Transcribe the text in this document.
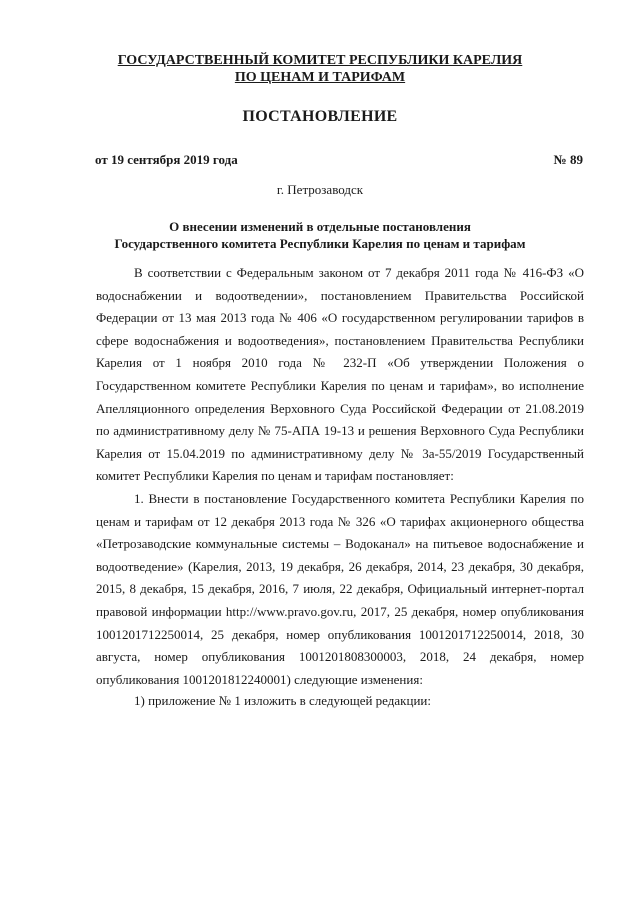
ГОСУДАРСТВЕННЫЙ КОМИТЕТ РЕСПУБЛИКИ КАРЕЛИЯ
ПО ЦЕНАМ И ТАРИФАМ
ПОСТАНОВЛЕНИЕ
от 19 сентября 2019 года	№ 89
г. Петрозаводск
О внесении изменений в отдельные постановления
Государственного комитета Республики Карелия по ценам и тарифам

В соответствии с Федеральным законом от 7 декабря 2011 года № 416-ФЗ «О водоснабжении и водоотведении», постановлением Правительства Российской Федерации от 13 мая 2013 года № 406 «О государственном регулировании тарифов в сфере водоснабжения и водоотведения», постановлением Правительства Республики Карелия от 1 ноября 2010 года № 232-П «Об утверждении Положения о Государственном комитете Республики Карелия по ценам и тарифам», во исполнение Апелляционного определения Верховного Суда Российской Федерации от 21.08.2019 по административному делу № 75-АПА 19-13 и решения Верховного Суда Республики Карелия от 15.04.2019 по административному делу № 3а-55/2019 Государственный комитет Республики Карелия по ценам и тарифам постановляет:

1. Внести в постановление Государственного комитета Республики Карелия по ценам и тарифам от 12 декабря 2013 года № 326 «О тарифах акционерного общества «Петрозаводские коммунальные системы – Водоканал» на питьевое водоснабжение и водоотведение» (Карелия, 2013, 19 декабря, 26 декабря, 2014, 23 декабря, 30 декабря, 2015, 8 декабря, 15 декабря, 2016, 7 июля, 22 декабря, Официальный интернет-портал правовой информации http://www.pravo.gov.ru, 2017, 25 декабря, номер опубликования 1001201712250014, 25 декабря, номер опубликования 1001201712250014, 2018, 30 августа, номер опубликования 1001201808300003, 2018, 24 декабря, номер опубликования 1001201812240001) следующие изменения:

1) приложение № 1 изложить в следующей редакции:
